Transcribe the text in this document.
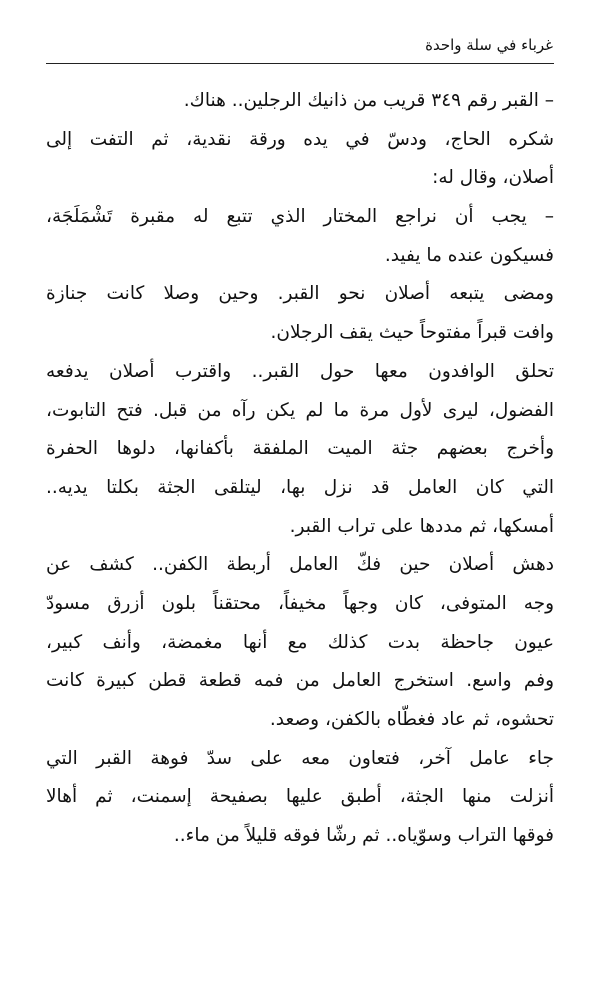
غرباء في سلة واحدة
– القبر رقم ٣٤٩ قريب من ذانيك الرجلين.. هناك.
شكره الحاج، ودسّ في يده ورقة نقدية، ثم التفت إلى
أصلان، وقال له:
– يجب أن نراجع المختار الذي تتبع له مقبرة تَشْمَلَجَة،
فسيكون عنده ما يفيد.
ومضى يتبعه أصلان نحو القبر. وحين وصلا كانت جنازة
وافت قبراً مفتوحاً حيث يقف الرجلان.
تحلق الوافدون معها حول القبر.. واقترب أصلان يدفعه
الفضول، ليرى لأول مرة ما لم يكن رآه من قبل. فتح التابوت،
وأخرج بعضهم جثة الميت الملفقة بأكفانها، دلوها الحفرة
التي كان العامل قد نزل بها، ليتلقى الجثة بكلتا يديه..
أمسكها، ثم مددها على تراب القبر.
دهش أصلان حين فكّ العامل أربطة الكفن.. كشف عن
وجه المتوفى، كان وجهاً مخيفاً، محتقناً بلون أزرق مسودّ
عيون جاحظة بدت كذلك مع أنها مغمضة، وأنف كبير،
وفم واسع. استخرج العامل من فمه قطعة قطن كبيرة كانت
تحشوه، ثم عاد فغطّاه بالكفن، وصعد.
جاء عامل آخر، فتعاون معه على سدّ فوهة القبر التي
أنزلت منها الجثة، أطبق عليها بصفيحة إسمنت، ثم أهالا
فوقها التراب وسوّياه.. ثم رشّا فوقه قليلاً من ماء..
